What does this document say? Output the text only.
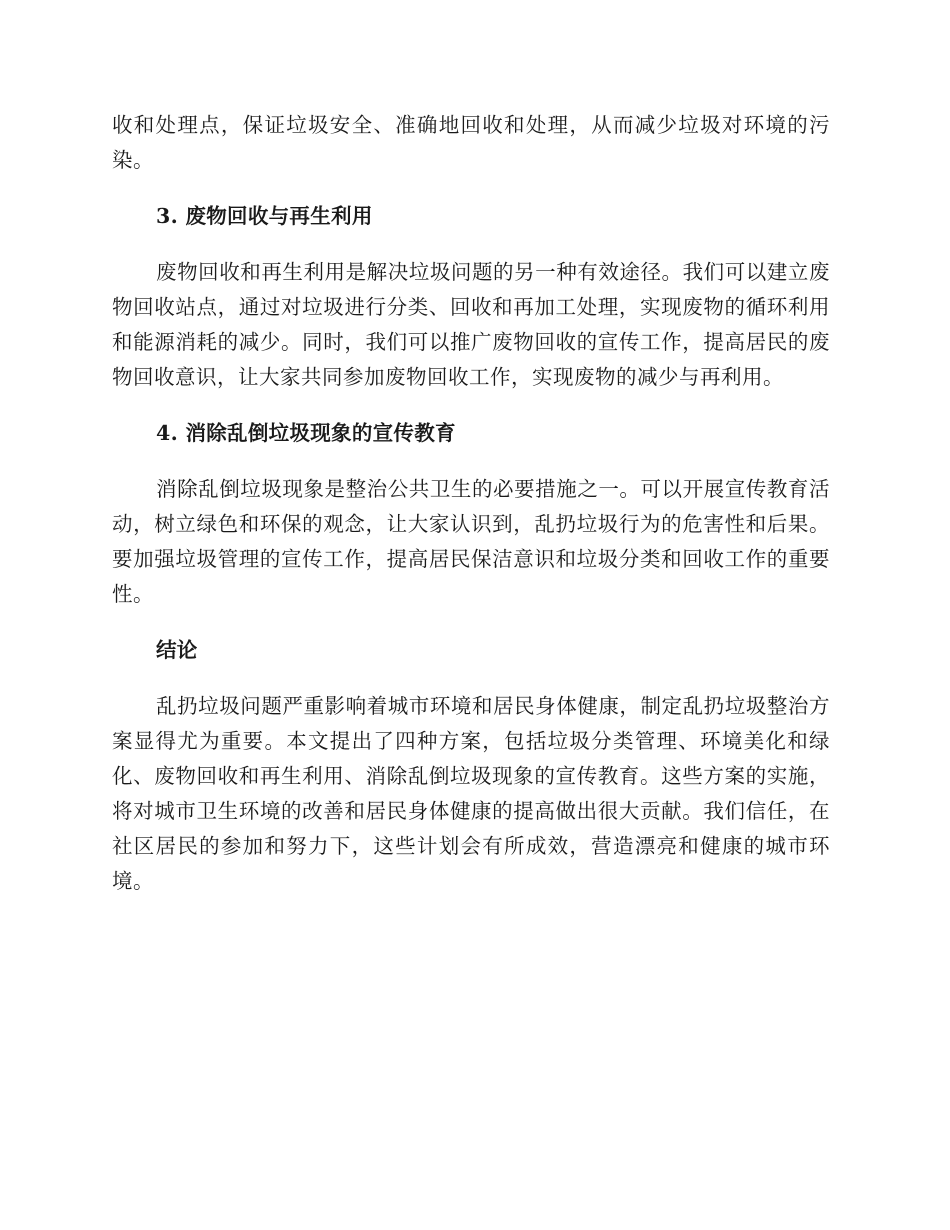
收和处理点，保证垃圾安全、准确地回收和处理，从而减少垃圾对环境的污染。

3. 废物回收与再生利用

废物回收和再生利用是解决垃圾问题的另一种有效途径。我们可以建立废物回收站点，通过对垃圾进行分类、回收和再加工处理，实现废物的循环利用和能源消耗的减少。同时，我们可以推广废物回收的宣传工作，提高居民的废物回收意识，让大家共同参加废物回收工作，实现废物的减少与再利用。

4. 消除乱倒垃圾现象的宣传教育

消除乱倒垃圾现象是整治公共卫生的必要措施之一。可以开展宣传教育活动，树立绿色和环保的观念，让大家认识到，乱扔垃圾行为的危害性和后果。要加强垃圾管理的宣传工作，提高居民保洁意识和垃圾分类和回收工作的重要性。

结论

乱扔垃圾问题严重影响着城市环境和居民身体健康，制定乱扔垃圾整治方案显得尤为重要。本文提出了四种方案，包括垃圾分类管理、环境美化和绿化、废物回收和再生利用、消除乱倒垃圾现象的宣传教育。这些方案的实施，将对城市卫生环境的改善和居民身体健康的提高做出很大贡献。我们信任，在社区居民的参加和努力下，这些计划会有所成效，营造漂亮和健康的城市环境。
